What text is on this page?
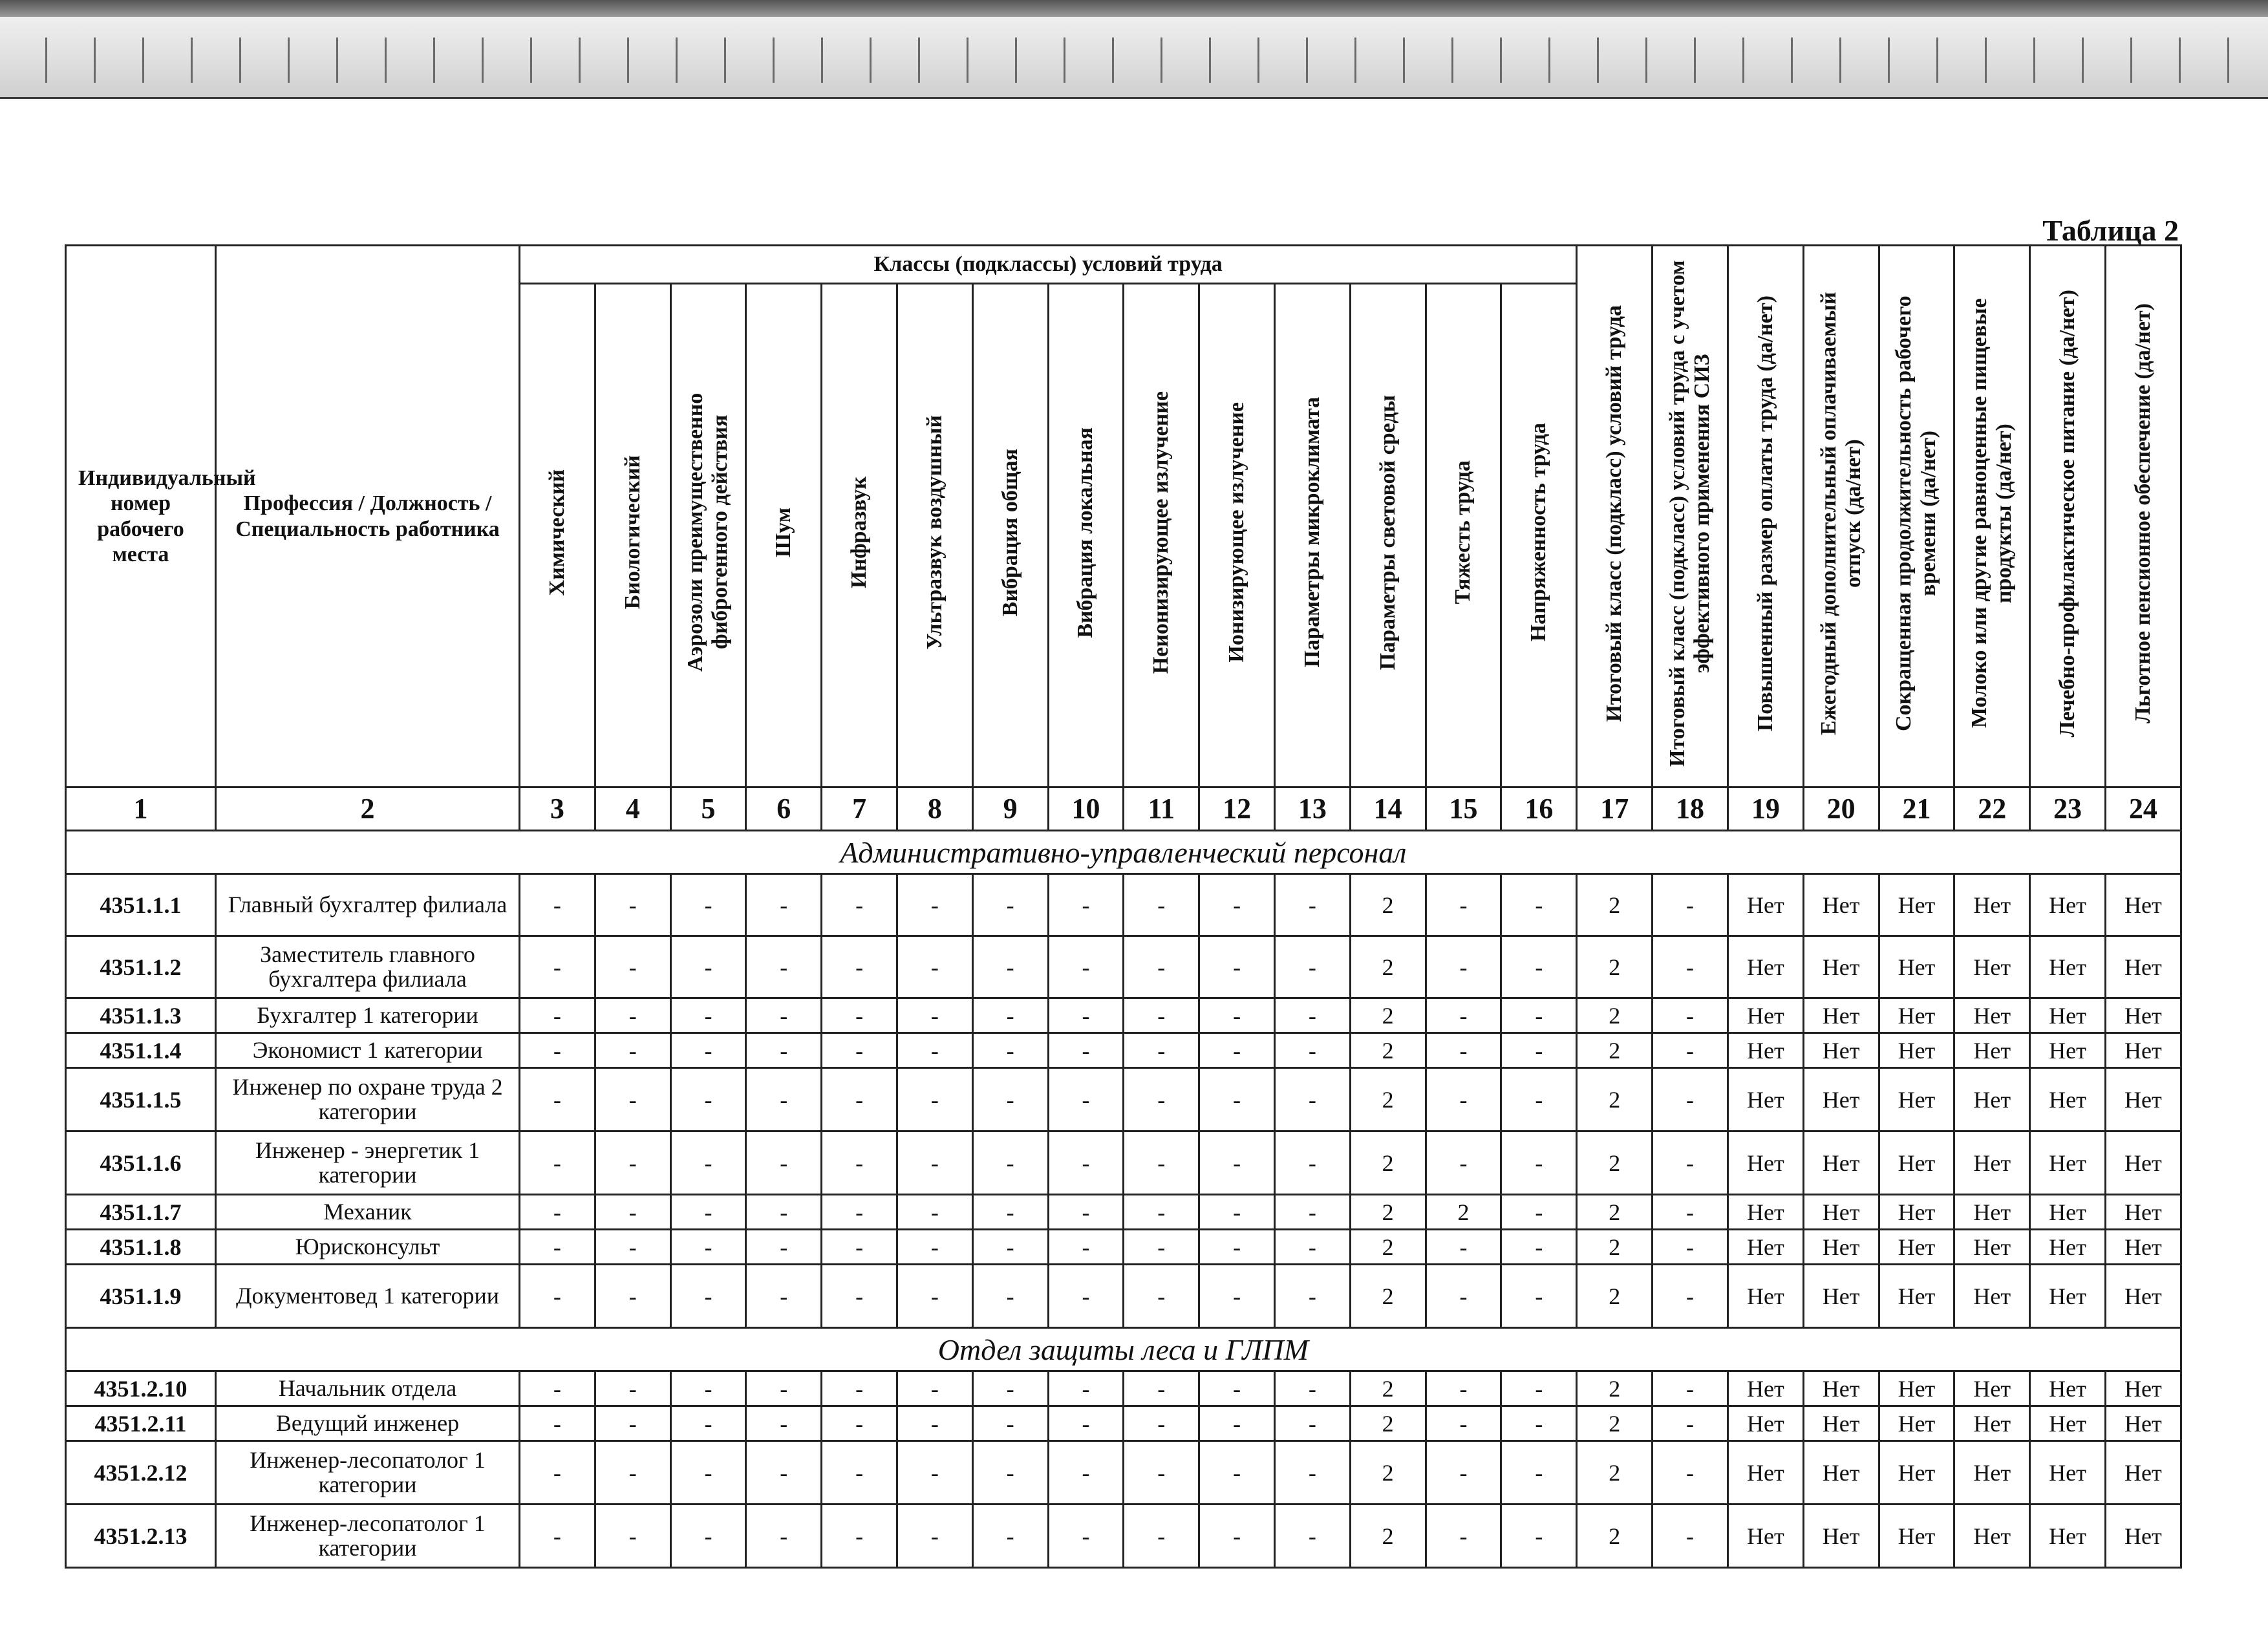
Таблица 2
Индивидуальный номер рабочего места	Профессия / Должность / Специальность работника	Классы (подклассы) условий труда														Итоговый класс (подкласс) условий труда	Итоговый класс (подкласс) условий труда с учетом эффективного применения СИЗ	Повышенный размер оплаты труда (да/нет)	Ежегодный дополнительный оплачиваемый отпуск (да/нет)	Сокращенная продолжительность рабочего времени (да/нет)	Молоко или другие равноценные пищевые продукты (да/нет)	Лечебно-профилактическое питание (да/нет)	Льготное пенсионное обеспечение (да/нет)
		Химический	Биологический	Аэрозоли преимущественно фиброгенного действия	Шум	Инфразвук	Ультразвук воздушный	Вибрация общая	Вибрация локальная	Неионизирующее излучение	Ионизирующее излучение	Параметры микроклимата	Параметры световой среды	Тяжесть труда	Напряженность труда								
1	2	3	4	5	6	7	8	9	10	11	12	13	14	15	16	17	18	19	20	21	22	23	24
Административно-управленческий персонал																							
4351.1.1	Главный бухгалтер филиала	-	-	-	-	-	-	-	-	-	-	-	2	-	-	2	-	Нет	Нет	Нет	Нет	Нет	Нет
4351.1.2	Заместитель главного бухгалтера филиала	-	-	-	-	-	-	-	-	-	-	-	2	-	-	2	-	Нет	Нет	Нет	Нет	Нет	Нет
4351.1.3	Бухгалтер 1 категории	-	-	-	-	-	-	-	-	-	-	-	2	-	-	2	-	Нет	Нет	Нет	Нет	Нет	Нет
4351.1.4	Экономист 1 категории	-	-	-	-	-	-	-	-	-	-	-	2	-	-	2	-	Нет	Нет	Нет	Нет	Нет	Нет
4351.1.5	Инженер по охране труда 2 категории	-	-	-	-	-	-	-	-	-	-	-	2	-	-	2	-	Нет	Нет	Нет	Нет	Нет	Нет
4351.1.6	Инженер - энергетик 1 категории	-	-	-	-	-	-	-	-	-	-	-	2	-	-	2	-	Нет	Нет	Нет	Нет	Нет	Нет
4351.1.7	Механик	-	-	-	-	-	-	-	-	-	-	-	2	2	-	2	-	Нет	Нет	Нет	Нет	Нет	Нет
4351.1.8	Юрисконсульт	-	-	-	-	-	-	-	-	-	-	-	2	-	-	2	-	Нет	Нет	Нет	Нет	Нет	Нет
4351.1.9	Документовед 1 категории	-	-	-	-	-	-	-	-	-	-	-	2	-	-	2	-	Нет	Нет	Нет	Нет	Нет	Нет
Отдел защиты леса и ГЛПМ																							
4351.2.10	Начальник отдела	-	-	-	-	-	-	-	-	-	-	-	2	-	-	2	-	Нет	Нет	Нет	Нет	Нет	Нет
4351.2.11	Ведущий инженер	-	-	-	-	-	-	-	-	-	-	-	2	-	-	2	-	Нет	Нет	Нет	Нет	Нет	Нет
4351.2.12	Инженер-лесопатолог 1 категории	-	-	-	-	-	-	-	-	-	-	-	2	-	-	2	-	Нет	Нет	Нет	Нет	Нет	Нет
4351.2.13	Инженер-лесопатолог 1 категории	-	-	-	-	-	-	-	-	-	-	-	2	-	-	2	-	Нет	Нет	Нет	Нет	Нет	Нет
